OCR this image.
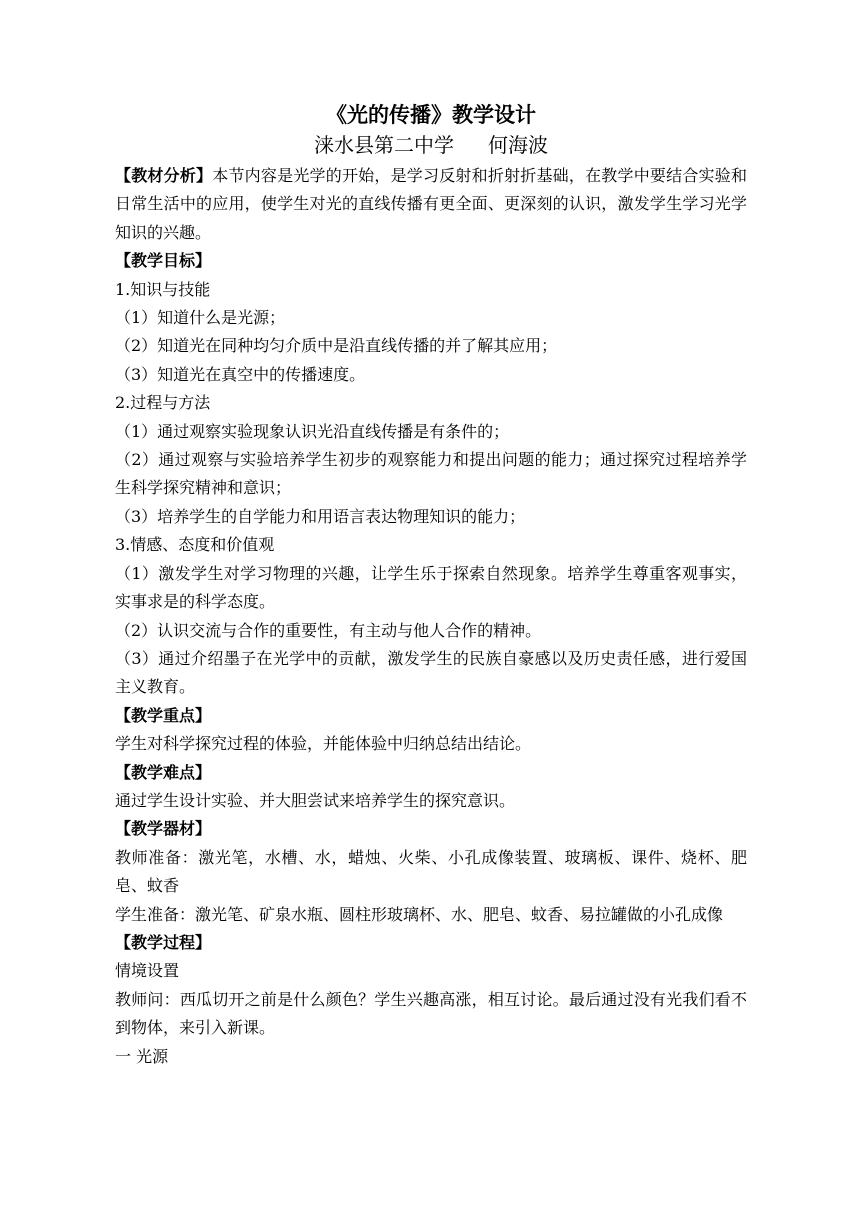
《光的传播》教学设计

涞水县第二中学 何海波

【教材分析】本节内容是光学的开始，是学习反射和折射折基础，在教学中要结合实验和日常生活中的应用，使学生对光的直线传播有更全面、更深刻的认识，激发学生学习光学知识的兴趣。

【教学目标】

1.知识与技能

（1）知道什么是光源；

（2）知道光在同种均匀介质中是沿直线传播的并了解其应用；

（3）知道光在真空中的传播速度。

2.过程与方法

（1）通过观察实验现象认识光沿直线传播是有条件的；

（2）通过观察与实验培养学生初步的观察能力和提出问题的能力；通过探究过程培养学生科学探究精神和意识；

（3）培养学生的自学能力和用语言表达物理知识的能力；

3.情感、态度和价值观

（1）激发学生对学习物理的兴趣，让学生乐于探索自然现象。培养学生尊重客观事实，实事求是的科学态度。

（2）认识交流与合作的重要性，有主动与他人合作的精神。

（3）通过介绍墨子在光学中的贡献，激发学生的民族自豪感以及历史责任感，进行爱国主义教育。

【教学重点】

学生对科学探究过程的体验，并能体验中归纳总结出结论。

【教学难点】

通过学生设计实验、并大胆尝试来培养学生的探究意识。

【教学器材】

教师准备：激光笔，水槽、水，蜡烛、火柴、小孔成像装置、玻璃板、课件、烧杯、肥皂、蚊香

学生准备：激光笔、矿泉水瓶、圆柱形玻璃杯、水、肥皂、蚊香、易拉罐做的小孔成像

【教学过程】

情境设置

教师问：西瓜切开之前是什么颜色？学生兴趣高涨，相互讨论。最后通过没有光我们看不到物体，来引入新课。

一 光源
